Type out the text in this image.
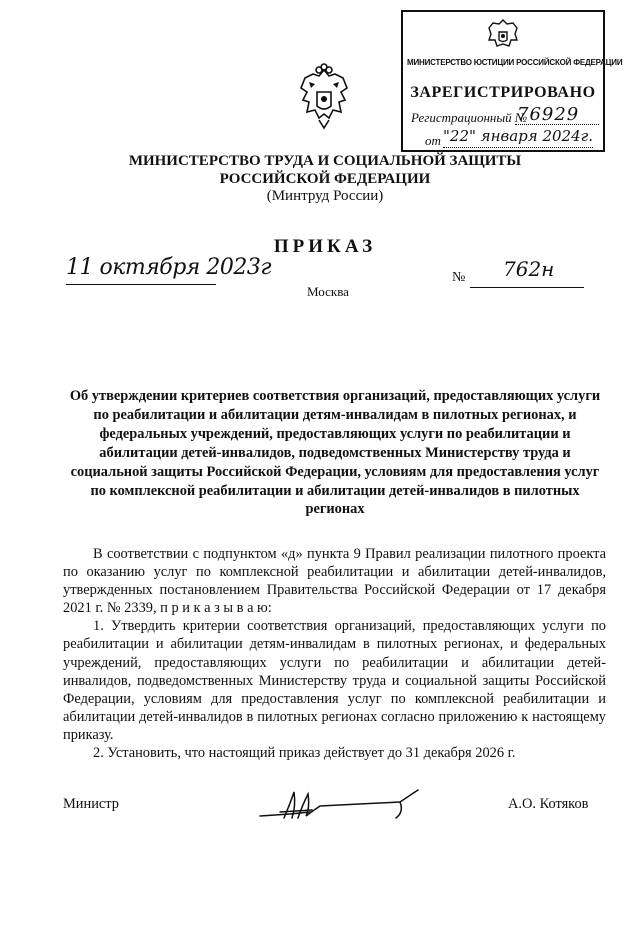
МИНИСТЕРСТВО ЮСТИЦИИ РОССИЙСКОЙ ФЕДЕРАЦИИ
ЗАРЕГИСТРИРОВАНО
Регистрационный №
76929
от "22" января 2024г.
МИНИСТЕРСТВО ТРУДА И СОЦИАЛЬНОЙ ЗАЩИТЫ
РОССИЙСКОЙ ФЕДЕРАЦИИ
(Минтруд России)
ПРИКАЗ
11 октября 2023г	№ 762н
Москва
Об утверждении критериев соответствия организаций, предоставляющих услуги по реабилитации и абилитации детям-инвалидам в пилотных регионах, и федеральных учреждений, предоставляющих услуги по реабилитации и абилитации детей-инвалидов, подведомственных Министерству труда и социальной защиты Российской Федерации, условиям для предоставления услуг по комплексной реабилитации и абилитации детей-инвалидов в пилотных регионах

В соответствии с подпунктом «д» пункта 9 Правил реализации пилотного проекта по оказанию услуг по комплексной реабилитации и абилитации детей-инвалидов, утвержденных постановлением Правительства Российской Федерации от 17 декабря 2021 г. № 2339, п р и к а з ы в а ю:

1. Утвердить критерии соответствия организаций, предоставляющих услуги по реабилитации и абилитации детям-инвалидам в пилотных регионах, и федеральных учреждений, предоставляющих услуги по реабилитации и абилитации детей-инвалидов, подведомственных Министерству труда и социальной защиты Российской Федерации, условиям для предоставления услуг по комплексной реабилитации и абилитации детей-инвалидов в пилотных регионах согласно приложению к настоящему приказу.

2. Установить, что настоящий приказ действует до 31 декабря 2026 г.

Министр	А.О. Котяков
